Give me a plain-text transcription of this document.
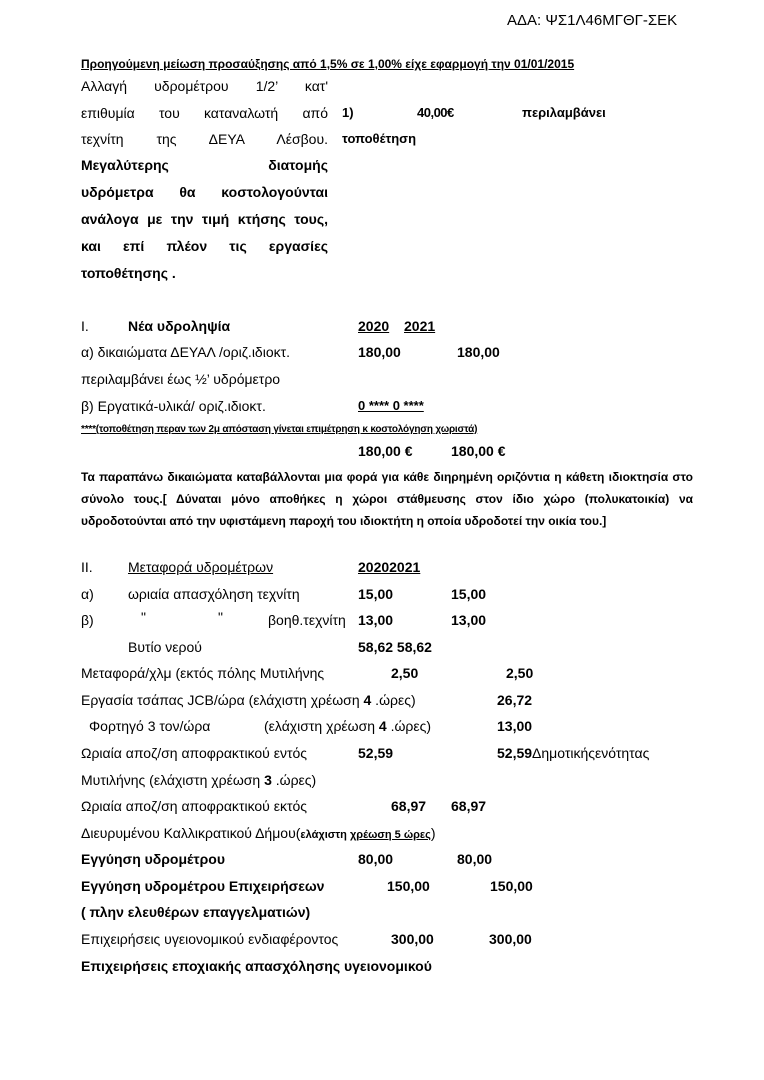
ΑΔΑ: ΨΣ1Λ46ΜΓΘΓ-ΣΕΚ
Προηγούμενη μείωση προσαύξησης από 1,5% σε 1,00% είχε εφαρμογή την 01/01/2015
Αλλαγή υδρομέτρου 1/2’ κατ'
επιθυμία του καταναλωτή από
τεχνίτη της ΔΕΥΑ Λέσβου.
Μεγαλύτερης διατομής
υδρόμετρα θα κοστολογούνται
ανάλογα με την τιμή κτήσης τους,
και επί πλέον τις εργασίες
τοποθέτησης .
1)	40,00€	περιλαμβάνει
τοποθέτηση
Ι.	Νέα υδροληψία	2020 2021
α) δικαιώματα ΔΕΥΑΛ /οριζ.ιδιοκτ.	180,00	180,00
περιλαμβάνει έως ½’ υδρόμετρο
β) Εργατικά-υλικά/ οριζ.ιδιοκτ.	0 **** 0 ****
****(τοποθέτηση περαν των 2μ απόσταση γίνεται επιμέτρηση κ κοστολόγηση χωριστά)
180,00 €	180,00 €
Τα παραπάνω δικαιώματα καταβάλλονται μια φορά για κάθε διηρημένη οριζόντια η κάθετη ιδιοκτησία στο σύνολο τους.[ Δύναται μόνο αποθήκες η χώροι στάθμευσης στον ίδιο χώρο (πολυκατοικία) να υδροδοτούνται από την υφιστάμενη παροχή του ιδιοκτήτη η οποία υδροδοτεί την οικία του.]
ΙΙ.	Μεταφορά υδρομέτρων	20202021
α) ωριαία απασχόληση τεχνίτη	15,00	15,00
β)	"	"	βοηθ.τεχνίτη 13,00	13,00
Βυτίο νερού	58,62 58,62
Μεταφορά/χλμ (εκτός πόλης Μυτιλήνης	2,50	2,50
Εργασία τσάπας JCB/ώρα (ελάχιστη χρέωση 4 .ώρες)	26,72
Φορτηγό 3 τον/ώρα	(ελάχιστη χρέωση 4 .ώρες)	13,00
Ωριαία αποζ/ση αποφρακτικού εντός	52,59	52,59Δημοτικήςενότητας
Μυτιλήνης (ελάχιστη χρέωση 3 .ώρες)
Ωριαία αποζ/ση αποφρακτικού εκτός	68,97 68,97
Διευρυμένου Καλλικρατικού Δήμου(ελάχιστη χρέωση 5 ώρες)
Εγγύηση υδρομέτρου	80,00	80,00
Εγγύηση υδρομέτρου Επιχειρήσεων	150,00	150,00
( πλην ελευθέρων επαγγελματιών)
Επιχειρήσεις υγειονομικού ενδιαφέροντος	300,00	300,00
Επιχειρήσεις εποχιακής απασχόλησης υγειονομικού
